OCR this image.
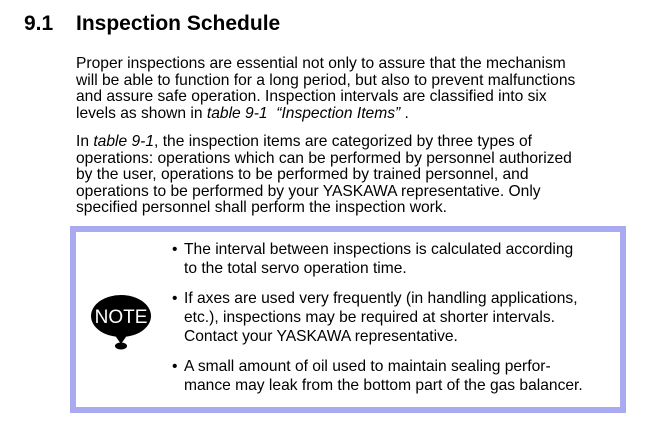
9.1 Inspection Schedule
Proper inspections are essential not only to assure that the mechanism
will be able to function for a long period, but also to prevent malfunctions
and assure safe operation. Inspection intervals are classified into six
levels as shown in table 9-1 “Inspection Items” .
In table 9-1, the inspection items are categorized by three types of
operations: operations which can be performed by personnel authorized
by the user, operations to be performed by trained personnel, and
operations to be performed by your YASKAWA representative. Only
specified personnel shall perform the inspection work.
NOTE
• The interval between inspections is calculated according
to the total servo operation time.
• If axes are used very frequently (in handling applications,
etc.), inspections may be required at shorter intervals.
Contact your YASKAWA representative.
• A small amount of oil used to maintain sealing perfor-
mance may leak from the bottom part of the gas balancer.
